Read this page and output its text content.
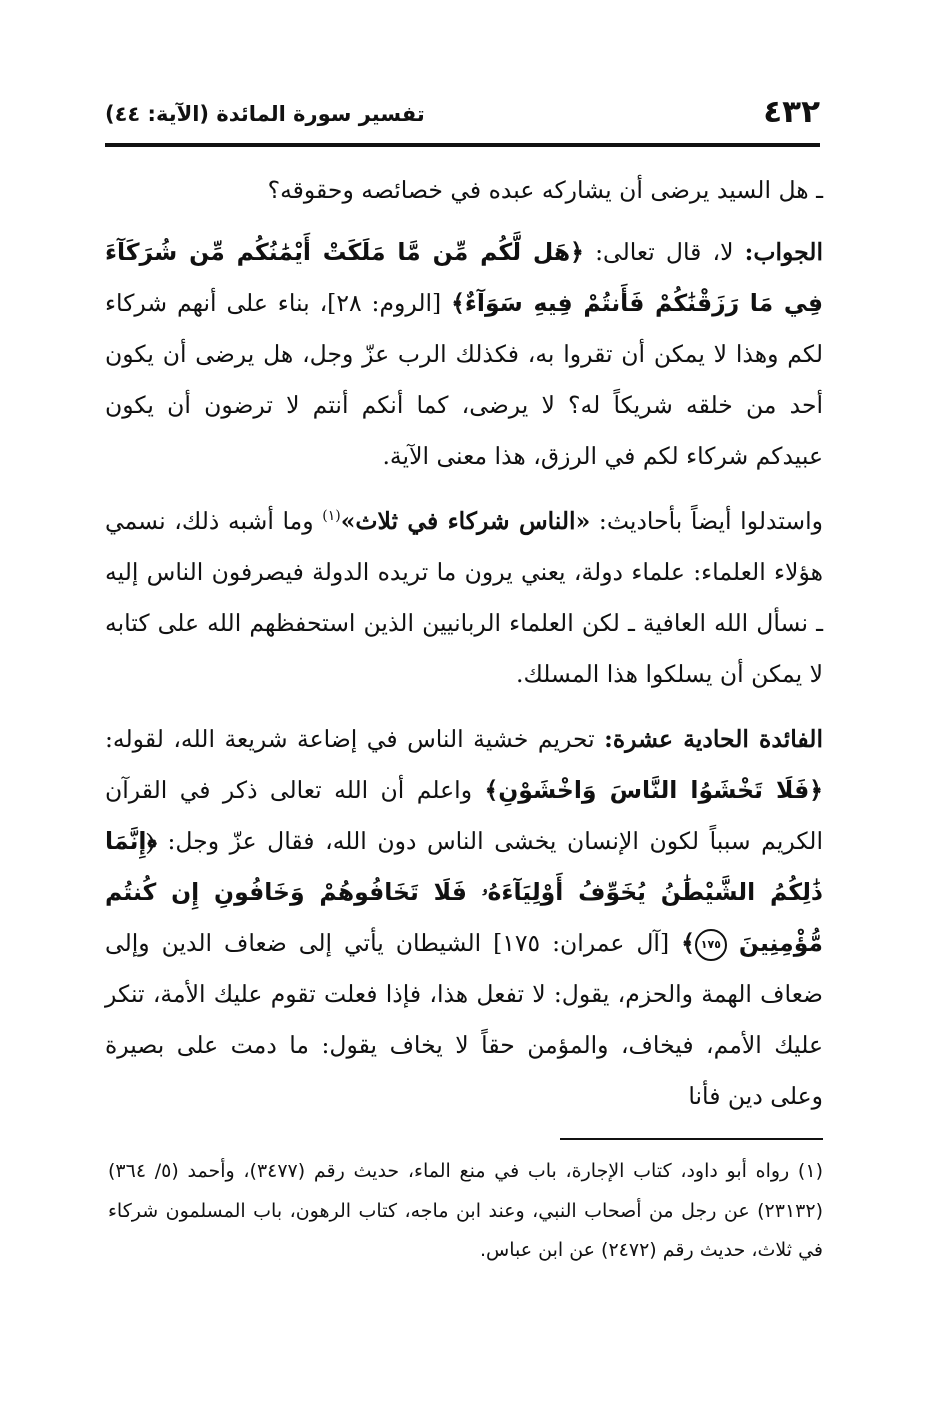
٤٣٢
تفسير سورة المائدة (الآية: ٤٤)

ـ هل السيد يرضى أن يشاركه عبده في خصائصه وحقوقه؟

الجواب: لا، قال تعالى: ﴿هَل لَّكُم مِّن مَّا مَلَكَتْ أَيْمَٰنُكُم مِّن شُرَكَآءَ فِي مَا رَزَقْنَٰكُمْ فَأَنتُمْ فِيهِ سَوَآءٌ﴾ [الروم: ٢٨]، بناء على أنهم شركاء لكم وهذا لا يمكن أن تقروا به، فكذلك الرب عزّ وجل، هل يرضى أن يكون أحد من خلقه شريكاً له؟ لا يرضى، كما أنكم أنتم لا ترضون أن يكون عبيدكم شركاء لكم في الرزق، هذا معنى الآية.

واستدلوا أيضاً بأحاديث: «الناس شركاء في ثلاث»$^{(١)}$ وما أشبه ذلك، نسمي هؤلاء العلماء: علماء دولة، يعني يرون ما تريده الدولة فيصرفون الناس إليه ـ نسأل الله العافية ـ لكن العلماء الربانيين الذين استحفظهم الله على كتابه لا يمكن أن يسلكوا هذا المسلك.

الفائدة الحادية عشرة: تحريم خشية الناس في إضاعة شريعة الله، لقوله: ﴿فَلَا تَخْشَوُا النَّاسَ وَاخْشَوْنِ﴾ واعلم أن الله تعالى ذكر في القرآن الكريم سبباً لكون الإنسان يخشى الناس دون الله، فقال عزّ وجل: ﴿إِنَّمَا ذَٰلِكُمُ الشَّيْطَٰنُ يُخَوِّفُ أَوْلِيَآءَهُۥ فَلَا تَخَافُوهُمْ وَخَافُونِ إِن كُنتُم مُّؤْمِنِينَ ١٧٥﴾ [آل عمران: ١٧٥] الشيطان يأتي إلى ضعاف الدين وإلى ضعاف الهمة والحزم، يقول: لا تفعل هذا، فإذا فعلت تقوم عليك الأمة، تنكر عليك الأمم، فيخاف، والمؤمن حقاً لا يخاف يقول: ما دمت على بصيرة وعلى دين فأنا

(١) رواه أبو داود، كتاب الإجارة، باب في منع الماء، حديث رقم (٣٤٧٧)، وأحمد (٥/ ٣٦٤) (٢٣١٣٢) عن رجل من أصحاب النبي، وعند ابن ماجه، كتاب الرهون، باب المسلمون شركاء في ثلاث، حديث رقم (٢٤٧٢) عن ابن عباس.
